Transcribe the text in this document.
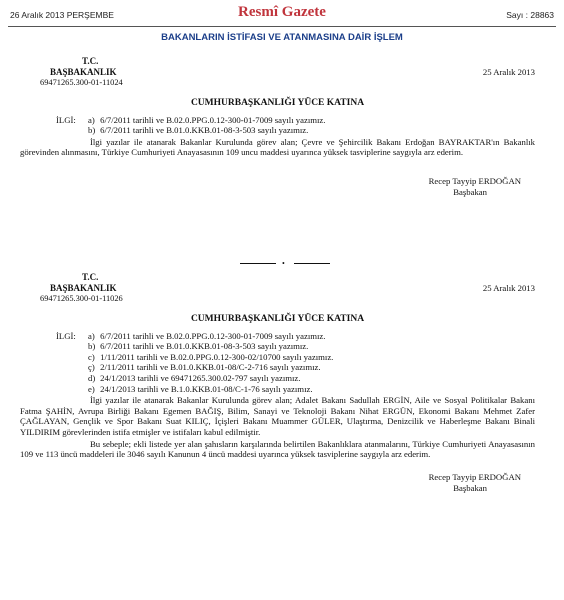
26 Aralık 2013 PERŞEMBE	Resmî Gazete	Sayı : 28863
BAKANLARIN İSTİFASI VE ATANMASINA DAİR İŞLEM
T.C.
BAŞBAKANLIK
69471265.300-01-11024
25 Aralık 2013
CUMHURBAŞKANLIĞI YÜCE KATINA
İLGİ:	a) 6/7/2011 tarihli ve B.02.0.PPG.0.12-300-01-7009 sayılı yazımız.
b) 6/7/2011 tarihli ve B.01.0.KKB.01-08-3-503 sayılı yazımız.
İlgi yazılar ile atanarak Bakanlar Kurulunda görev alan; Çevre ve Şehircilik Bakanı Erdoğan BAYRAKTAR'ın Bakanlık görevinden alınmasını, Türkiye Cumhuriyeti Anayasasının 109 uncu maddesi uyarınca yüksek tasviplerine saygıyla arz ederim.
Recep Tayyip ERDOĞAN
Başbakan
•
T.C.
BAŞBAKANLIK
69471265.300-01-11026
25 Aralık 2013
CUMHURBAŞKANLIĞI YÜCE KATINA
İLGİ:	a) 6/7/2011 tarihli ve B.02.0.PPG.0.12-300-01-7009 sayılı yazımız.
b) 6/7/2011 tarihli ve B.01.0.KKB.01-08-3-503 sayılı yazımız.
c) 1/11/2011 tarihli ve B.02.0.PPG.0.12-300-02/10700 sayılı yazımız.
ç) 2/11/2011 tarihli ve B.01.0.KKB.01-08/C-2-716 sayılı yazımız.
d) 24/1/2013 tarihli ve 69471265.300.02-797 sayılı yazımız.
e) 24/1/2013 tarihli ve B.1.0.KKB.01-08/C-1-76 sayılı yazımız.
İlgi yazılar ile atanarak Bakanlar Kurulunda görev alan; Adalet Bakanı Sadullah ERGİN, Aile ve Sosyal Politikalar Bakanı Fatma ŞAHİN, Avrupa Birliği Bakanı Egemen BAĞIŞ, Bilim, Sanayi ve Teknoloji Bakanı Nihat ERGÜN, Ekonomi Bakanı Mehmet Zafer ÇAĞLAYAN, Gençlik ve Spor Bakanı Suat KILIÇ, İçişleri Bakanı Muammer GÜLER, Ulaştırma, Denizcilik ve Haberleşme Bakanı Binali YILDIRIM görevlerinden istifa etmişler ve istifaları kabul edilmiştir.
Bu sebeple; ekli listede yer alan şahısların karşılarında belirtilen Bakanlıklara atanmalarını, Türkiye Cumhuriyeti Anayasasının 109 ve 113 üncü maddeleri ile 3046 sayılı Kanunun 4 üncü maddesi uyarınca yüksek tasviplerine saygıyla arz ederim.
Recep Tayyip ERDOĞAN
Başbakan
